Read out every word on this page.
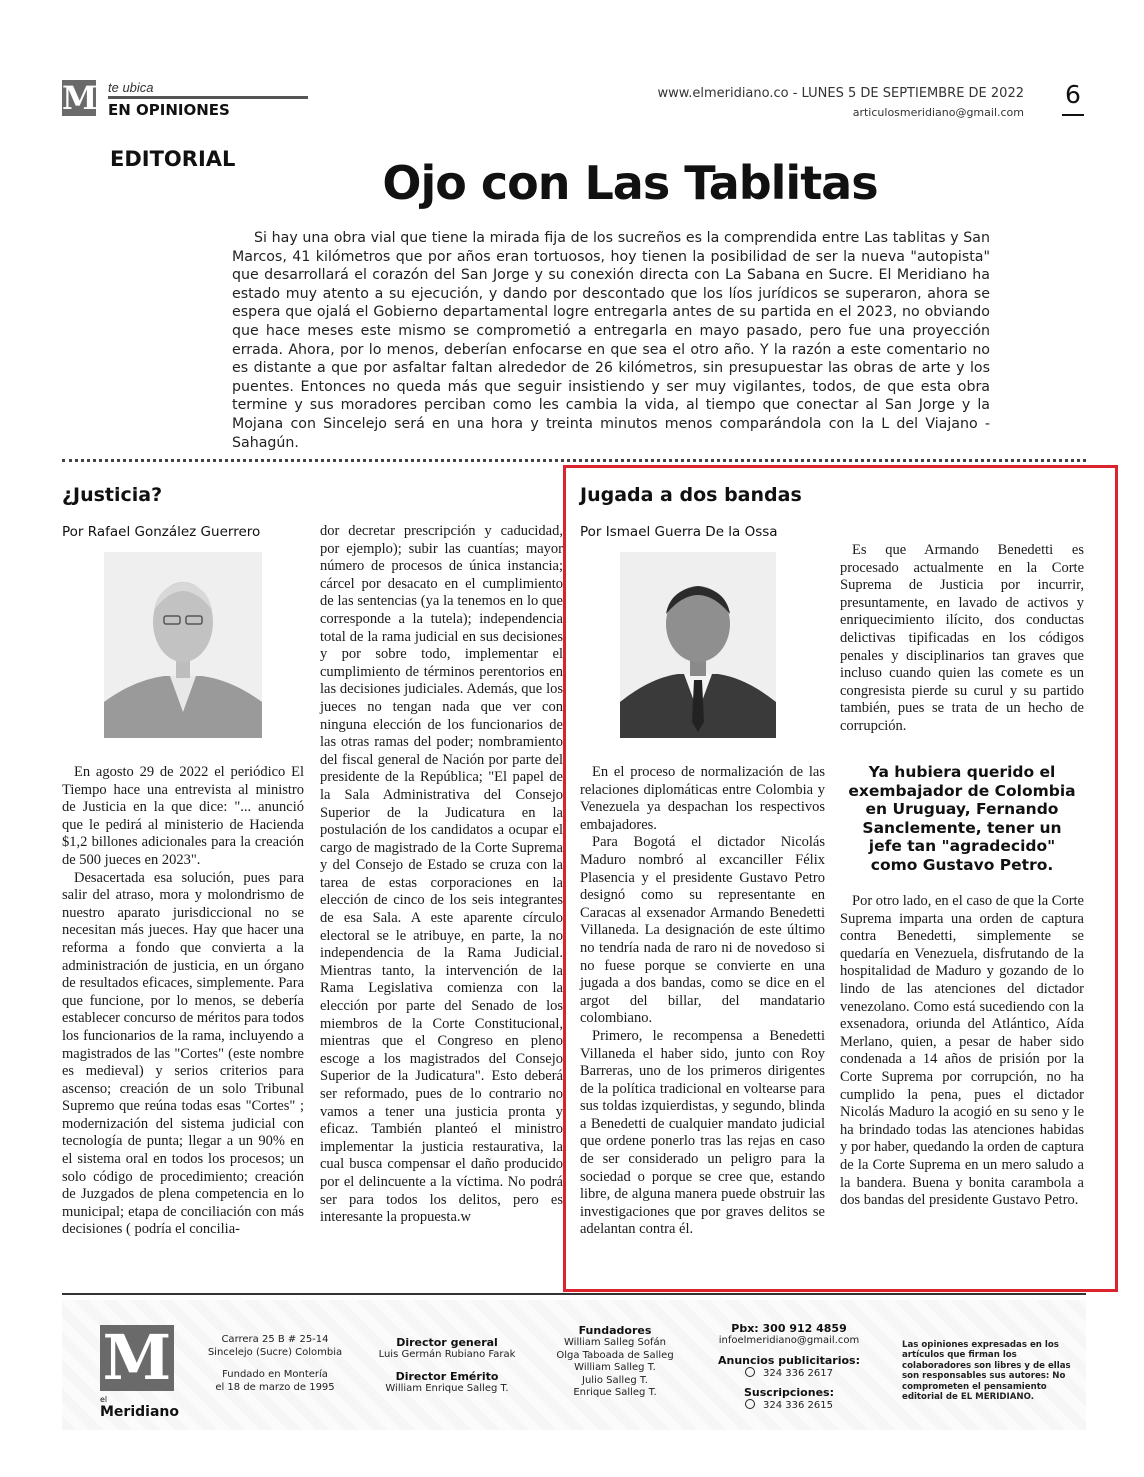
M te ubica
EN OPINIONES
www.elmeridiano.co - LUNES 5 DE SEPTIEMBRE DE 2022
articulosmeridiano@gmail.com
6
EDITORIAL	Ojo con Las Tablitas
Si hay una obra vial que tiene la mirada fija de los sucreños es la comprendida entre Las tablitas y San Marcos, 41 kilómetros que por años eran tortuosos, hoy tienen la posibilidad de ser la nueva "autopista" que desarrollará el corazón del San Jorge y su conexión directa con La Sabana en Sucre. El Meridiano ha estado muy atento a su ejecución, y dando por descontado que los líos jurídicos se superaron, ahora se espera que ojalá el Gobierno departamental logre entregarla antes de su partida en el 2023, no obviando que hace meses este mismo se comprometió a entregarla en mayo pasado, pero fue una proyección errada. Ahora, por lo menos, deberían enfocarse en que sea el otro año. Y la razón a este comentario no es distante a que por asfaltar faltan alrededor de 26 kilómetros, sin presupuestar las obras de arte y los puentes. Entonces no queda más que seguir insistiendo y ser muy vigilantes, todos, de que esta obra termine y sus moradores perciban como les cambia la vida, al tiempo que conectar al San Jorge y la Mojana con Sincelejo será en una hora y treinta minutos menos comparándola con la L del Viajano - Sahagún.
¿Justicia?
Por Rafael González Guerrero

En agosto 29 de 2022 el periódico El Tiempo hace una entrevista al ministro de Justicia en la que dice: "... anunció que le pedirá al ministerio de Hacienda $1,2 billones adicionales para la creación de 500 jueces en 2023".

Desacertada esa solución, pues para salir del atraso, mora y molondrismo de nuestro aparato jurisdiccional no se necesitan más jueces. Hay que hacer una reforma a fondo que convierta a la administración de justicia, en un órgano de resultados eficaces, simplemente. Para que funcione, por lo menos, se debería establecer concurso de méritos para todos los funcionarios de la rama, incluyendo a magistrados de las "Cortes" (este nombre es medieval) y serios criterios para ascenso; creación de un solo Tribunal Supremo que reúna todas esas "Cortes" ; modernización del sistema judicial con tecnología de punta; llegar a un 90% en el sistema oral en todos los procesos; un solo código de procedimiento; creación de Juzgados de plena competencia en lo municipal; etapa de conciliación con más decisiones ( podría el concilia-

dor decretar prescripción y caducidad, por ejemplo); subir las cuantías; mayor número de procesos de única instancia; cárcel por desacato en el cumplimiento de las sentencias (ya la tenemos en lo que corresponde a la tutela); independencia total de la rama judicial en sus decisiones y por sobre todo, implementar el cumplimiento de términos perentorios en las decisiones judiciales. Además, que los jueces no tengan nada que ver con ninguna elección de los funcionarios de las otras ramas del poder; nombramiento del fiscal general de Nación por parte del presidente de la República; "El papel de la Sala Administrativa del Consejo Superior de la Judicatura en la postulación de los candidatos a ocupar el cargo de magistrado de la Corte Suprema y del Consejo de Estado se cruza con la tarea de estas corporaciones en la elección de cinco de los seis integrantes de esa Sala. A este aparente círculo electoral se le atribuye, en parte, la no independencia de la Rama Judicial. Mientras tanto, la intervención de la Rama Legislativa comienza con la elección por parte del Senado de los miembros de la Corte Constitucional, mientras que el Congreso en pleno escoge a los magistrados del Consejo Superior de la Judicatura". Esto deberá ser reformado, pues de lo contrario no vamos a tener una justicia pronta y eficaz. También planteó el ministro implementar la justicia restaurativa, la cual busca compensar el daño producido por el delincuente a la víctima. No podrá ser para todos los delitos, pero es interesante la propuesta.w

Jugada a dos bandas
Por Ismael Guerra De la Ossa

En el proceso de normalización de las relaciones diplomáticas entre Colombia y Venezuela ya despachan los respectivos embajadores.

Para Bogotá el dictador Nicolás Maduro nombró al excanciller Félix Plasencia y el presidente Gustavo Petro designó como su representante en Caracas al exsenador Armando Benedetti Villaneda. La designación de este último no tendría nada de raro ni de novedoso si no fuese porque se convierte en una jugada a dos bandas, como se dice en el argot del billar, del mandatario colombiano.

Primero, le recompensa a Benedetti Villaneda el haber sido, junto con Roy Barreras, uno de los primeros dirigentes de la política tradicional en voltearse para sus toldas izquierdistas, y segundo, blinda a Benedetti de cualquier mandato judicial que ordene ponerlo tras las rejas en caso de ser considerado un peligro para la sociedad o porque se cree que, estando libre, de alguna manera puede obstruir las investigaciones que por graves delitos se adelantan contra él.

Es que Armando Benedetti es procesado actualmente en la Corte Suprema de Justicia por incurrir, presuntamente, en lavado de activos y enriquecimiento ilícito, dos conductas delictivas tipificadas en los códigos penales y disciplinarios tan graves que incluso cuando quien las comete es un congresista pierde su curul y su partido también, pues se trata de un hecho de corrupción.

Ya hubiera querido el exembajador de Colombia en Uruguay, Fernando Sanclemente, tener un jefe tan "agradecido" como Gustavo Petro.

Por otro lado, en el caso de que la Corte Suprema imparta una orden de captura contra Benedetti, simplemente se quedaría en Venezuela, disfrutando de la hospitalidad de Maduro y gozando de lo lindo de las atenciones del dictador venezolano. Como está sucediendo con la exsenadora, oriunda del Atlántico, Aída Merlano, quien, a pesar de haber sido condenada a 14 años de prisión por la Corte Suprema por corrupción, no ha cumplido la pena, pues el dictador Nicolás Maduro la acogió en su seno y le ha brindado todas las atenciones habidas y por haber, quedando la orden de captura de la Corte Suprema en un mero saludo a la bandera. Buena y bonita carambola a dos bandas del presidente Gustavo Petro.

M
el
Meridiano
Carrera 25 B # 25-14
Sincelejo (Sucre) Colombia
Fundado en Montería
el 18 de marzo de 1995
Director general
Luis Germán Rubiano Farak
Director Emérito
William Enrique Salleg T.
Fundadores
William Salleg Sofán
Olga Taboada de Salleg
William Salleg T.
Julio Salleg T.
Enrique Salleg T.
Pbx: 300 912 4859
infoelmeridiano@gmail.com
Anuncios publicitarios:
324 336 2617
Suscripciones:
324 336 2615
Las opiniones expresadas en los artículos que firman los colaboradores son libres y de ellas son responsables sus autores: No comprometen el pensamiento editorial de EL MERIDIANO.
